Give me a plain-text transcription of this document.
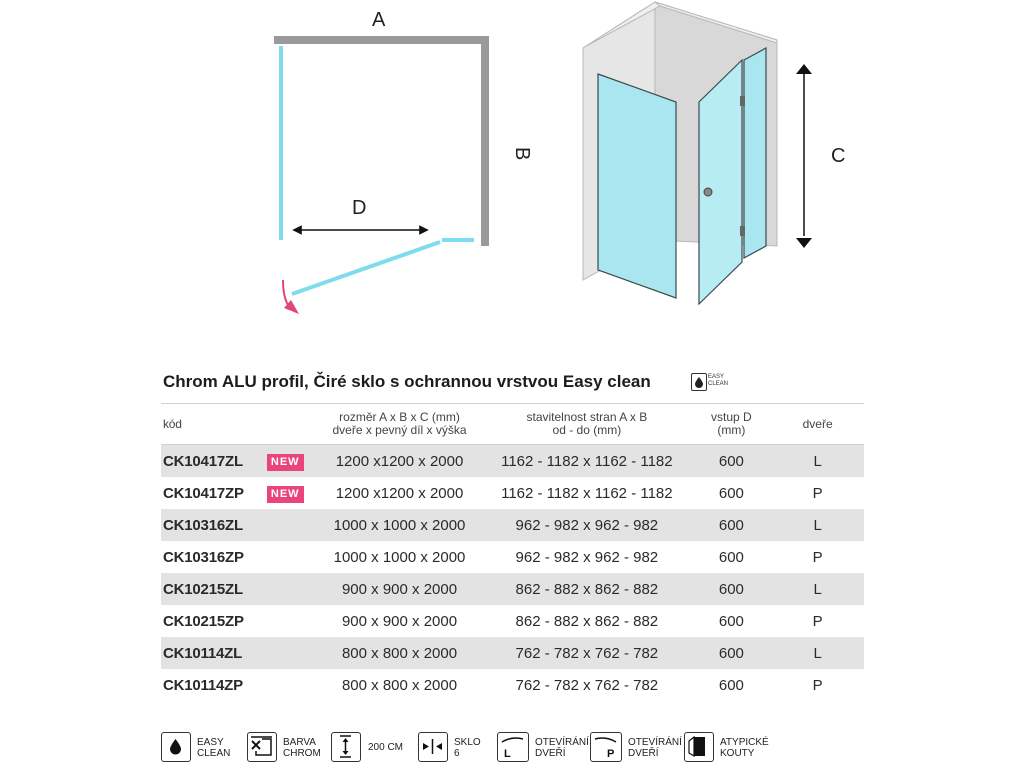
A
B
D
C
Chrom ALU profil, Čiré sklo s ochrannou vrstvou Easy clean	EASY
CLEAN
kód		rozměr A x B x C (mm)
dveře x pevný díl x výška	stavitelnost stran A x B
od - do (mm)	vstup D
(mm)	dveře
CK10417ZL	NEW	1200 x1200 x 2000	1162 - 1182 x 1162 - 1182	600	L
CK10417ZP	NEW	1200 x1200 x 2000	1162 - 1182 x 1162 - 1182	600	P
CK10316ZL		1000 x 1000 x 2000	962 - 982 x 962 - 982	600	L
CK10316ZP		1000 x 1000 x 2000	962 - 982 x 962 - 982	600	P
CK10215ZL		900 x 900 x 2000	862 - 882 x 862 - 882	600	L
CK10215ZP		900 x 900 x 2000	862 - 882 x 862 - 882	600	P
CK10114ZL		800 x 800 x 2000	762 - 782 x 762 - 782	600	L
CK10114ZP		800 x 800 x 2000	762 - 782 x 762 - 782	600	P
EASY
CLEAN
BARVA
CHROM
200 CM	SKLO
6	L
OTEVÍRÁNÍ
DVEŘÍ	P
OTEVÍRÁNÍ
DVEŘÍ
ATYPICKÉ
KOUTY
